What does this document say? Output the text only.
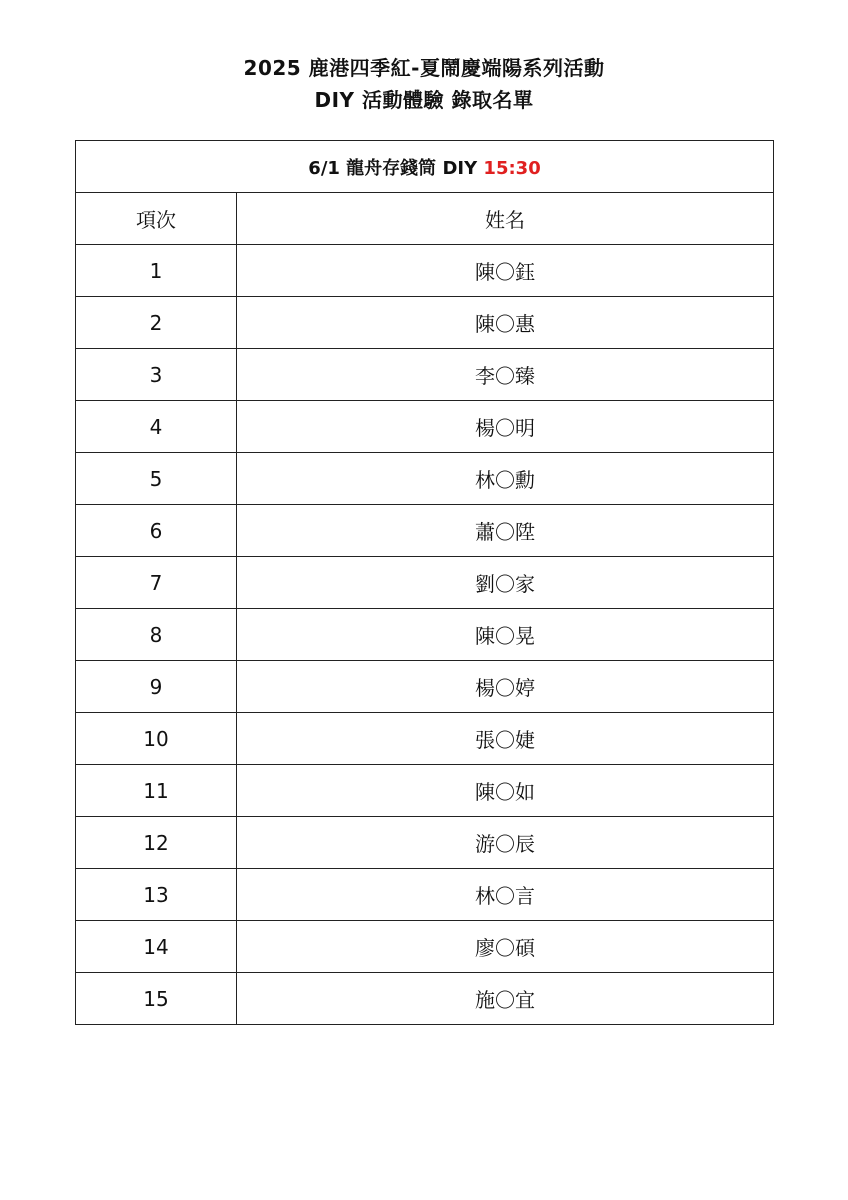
2025 鹿港四季紅-夏鬧慶端陽系列活動
DIY 活動體驗 錄取名單
6/1 龍舟存錢筒 DIY 15:30	
項次	姓名
1	陳〇鈺
2	陳〇惠
3	李〇臻
4	楊〇明
5	林〇勳
6	蕭〇陞
7	劉〇家
8	陳〇晃
9	楊〇婷
10	張〇婕
11	陳〇如
12	游〇辰
13	林〇言
14	廖〇碩
15	施〇宜
